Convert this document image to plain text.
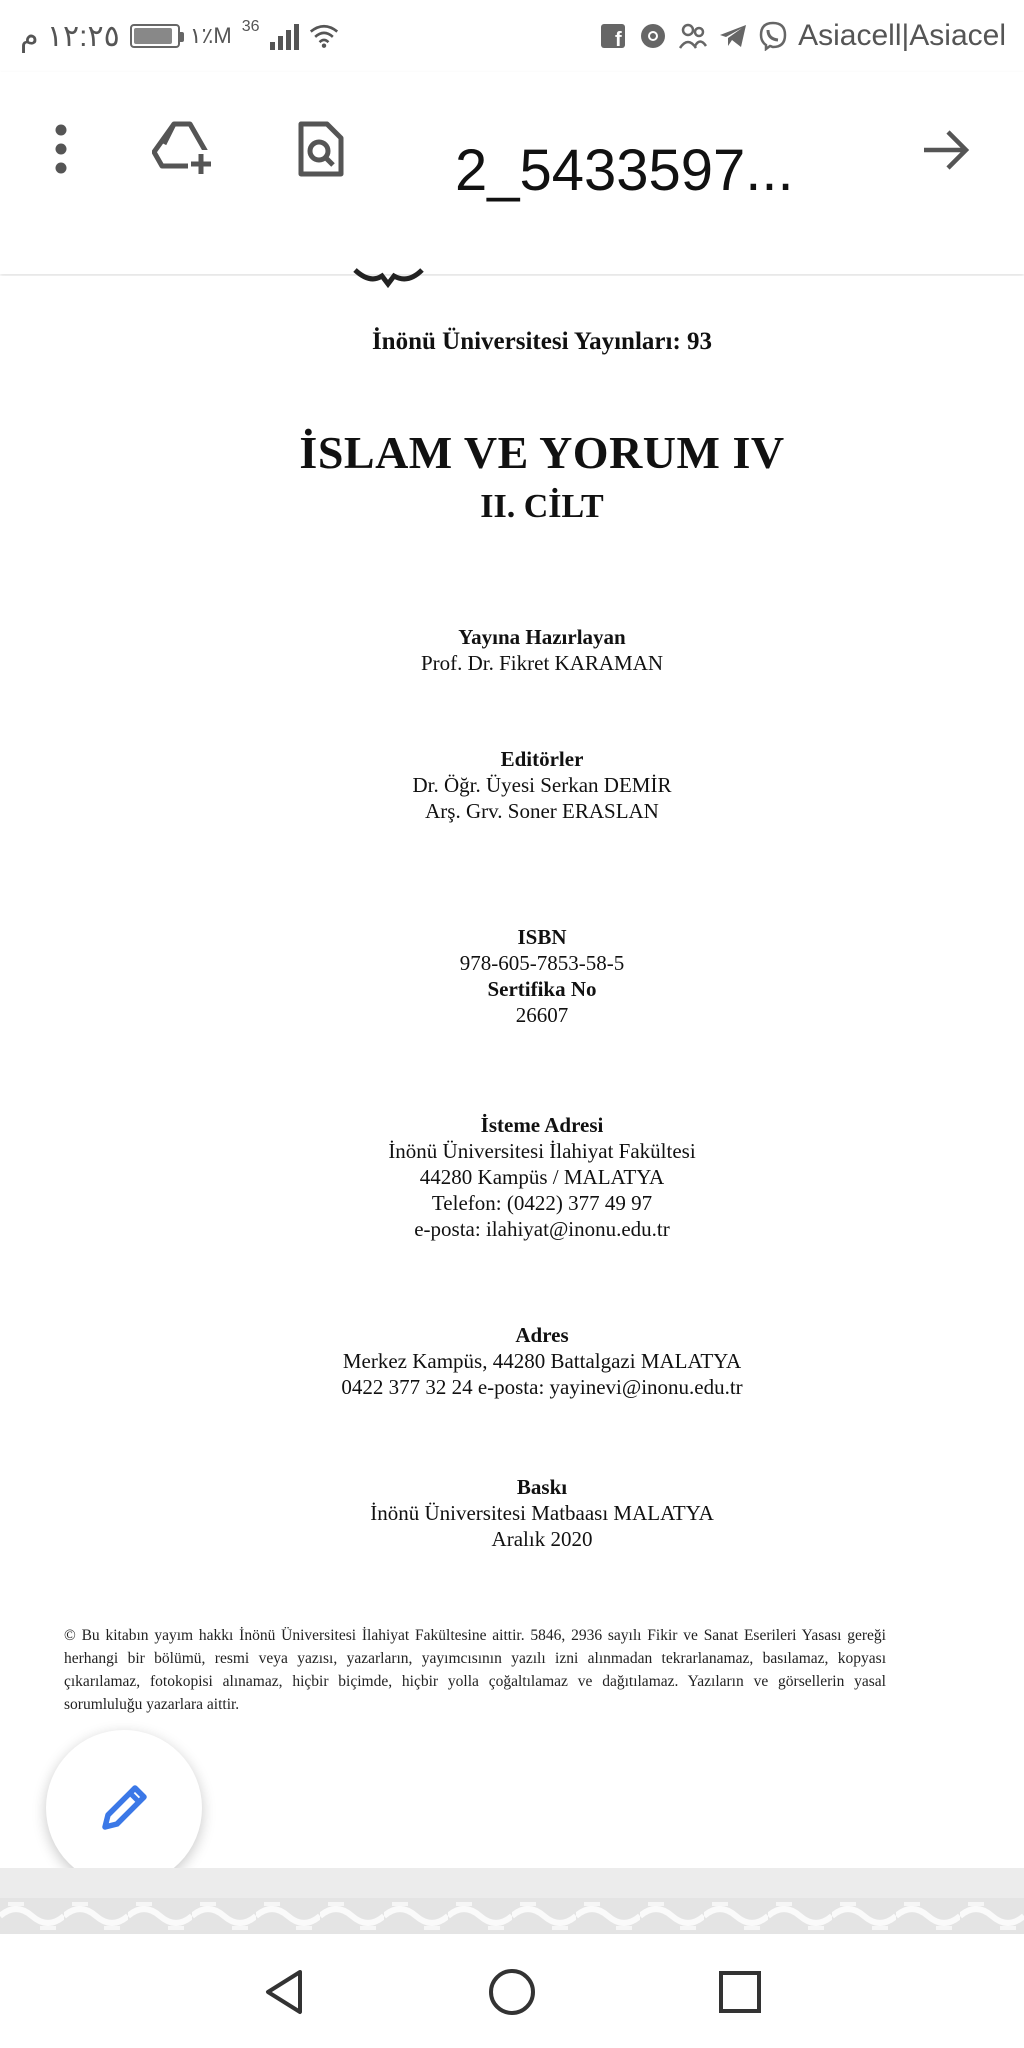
١٢:٢٥ م	١٪M 36
f	Asiacell|Asiacel
2_5433597...
İnönü Üniversitesi Yayınları: 93
İSLAM VE YORUM IV
II. CİLT
Yayına Hazırlayan
Prof. Dr. Fikret KARAMAN
Editörler
Dr. Öğr. Üyesi Serkan DEMİR
Arş. Grv. Soner ERASLAN
ISBN
978-605-7853-58-5
Sertifika No
26607
İsteme Adresi
İnönü Üniversitesi İlahiyat Fakültesi
44280 Kampüs / MALATYA
Telefon: (0422) 377 49 97
e-posta: ilahiyat@inonu.edu.tr
Adres
Merkez Kampüs, 44280 Battalgazi MALATYA
0422 377 32 24 e-posta: yayinevi@inonu.edu.tr
Baskı
İnönü Üniversitesi Matbaası MALATYA
Aralık 2020
© Bu kitabın yayım hakkı İnönü Üniversitesi İlahiyat Fakültesine aittir. 5846, 2936 sayılı Fikir ve Sanat Eserileri Yasası gereği herhangi bir bölümü, resmi veya yazısı, yazarların, yayımcısının yazılı izni alınmadan tekrarlanamaz, basılamaz, kopyası çıkarılamaz, fotokopisi alınamaz, hiçbir biçimde, hiçbir yolla çoğaltılamaz ve dağıtılamaz. Yazıların ve görsellerin yasal sorumluluğu yazarlara aittir.
